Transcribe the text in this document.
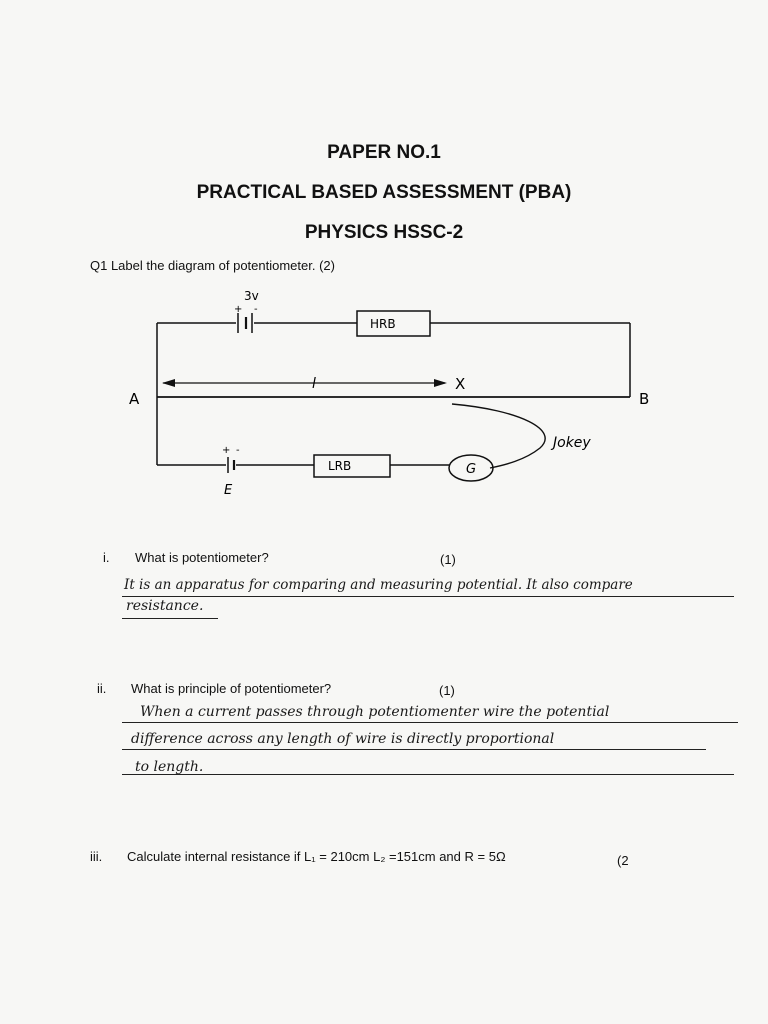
PAPER NO.1
PRACTICAL BASED ASSESSMENT (PBA)
PHYSICS HSSC-2
Q1 Label the diagram of potentiometer. (2)
3v
+ -
HRB
LRB	G
A	B
l	X
Jokey
E
+ -
i. What is potentiometer?	(1)
It is an apparatus for comparing and measuring potential. It also compare
resistance.
ii. What is principle of potentiometer?	(1)
When a current passes through potentiomenter wire the potential
difference across any length of wire is directly proportional
to length.
iii. Calculate internal resistance if L₁ = 210cm L₂ =151cm and R = 5Ω	(2
